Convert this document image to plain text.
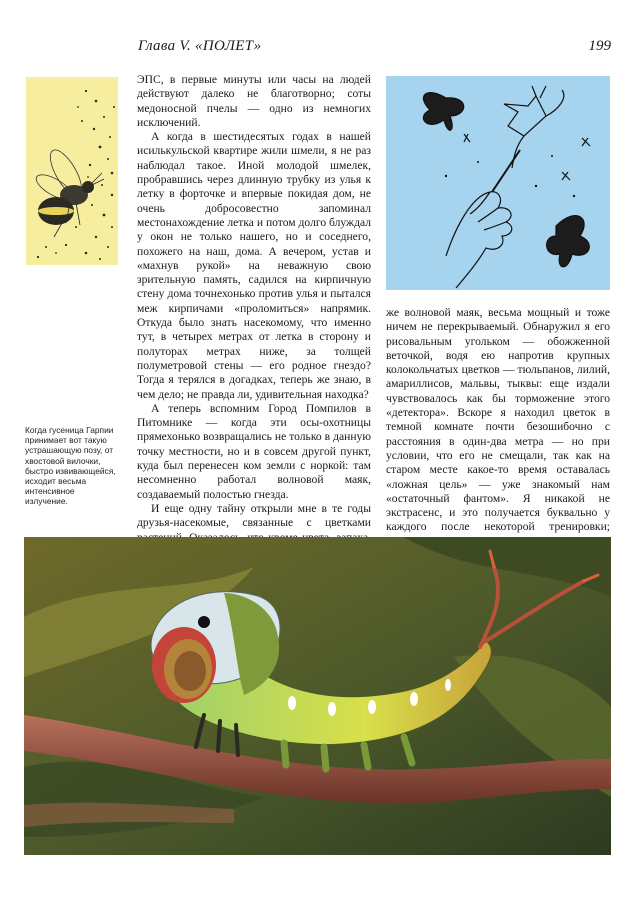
Глава V. «ПОЛЕТ»	199

ЭПС, в первые минуты или часы на людей действуют далеко не благотворно; соты медоносной пчелы — одно из немногих исключений.

А когда в шестидесятых годах в нашей исилькульской квартире жили шмели, я не раз наблюдал такое. Иной молодой шмелек, пробравшись через длинную трубку из улья к летку в форточке и впервые покидая дом, не очень добросовестно запоминал местонахождение летка и потом долго блуждал у окон не только нашего, но и соседнего, похожего на наш, дома. А вечером, устав и «махнув рукой» на неважную свою зрительную память, садился на кирпичную стену дома точнехонько против улья и пытался меж кирпичами «проломиться» напрямик. Откуда было знать насекомому, что именно тут, в четырех метрах от летка в сторону и полуторах метрах ниже, за толщей полуметровой стены — его родное гнездо? Тогда я терялся в догадках, теперь же знаю, в чем дело; не правда ли, удивительная находка?

А теперь вспомним Город Помпилов в Питомнике — когда эти осы-охотницы прямехонько возвращались не только в данную точку местности, но и в совсем другой пункт, куда был перенесен ком земли с норкой: там несомненно работал волновой маяк, создаваемый полостью гнезда.

И еще одну тайну открыли мне в те годы друзья-насекомые, связанные с цветками

же волновой маяк, весьма мощный и тоже ничем не перекрываемый. Обнаружил я его рисовальным угольком — обожженной веточкой, водя ею напротив крупных колокольчатых цветков — тюльпанов, лилий, амариллисов, мальвы, тыквы: еще издали чувствовалось как бы торможение этого «детектора». Вскоре я находил цветок в темной комнате почти безошибочно с расстояния в один-два метра — но при условии, что его не смещали, так как на старом месте какое-то время оставалась «ложная цель» — уже знакомый нам «остаточный фантом». Я никакой не экстрасенс, и это получается буквально у каждого после некоторой тренировки;

Когда гусеница Гарпии принимает вот такую устрашающую позу, от хвостовой вилочки, быстро извивающейся, исходит весьма интенсивное излучение.
